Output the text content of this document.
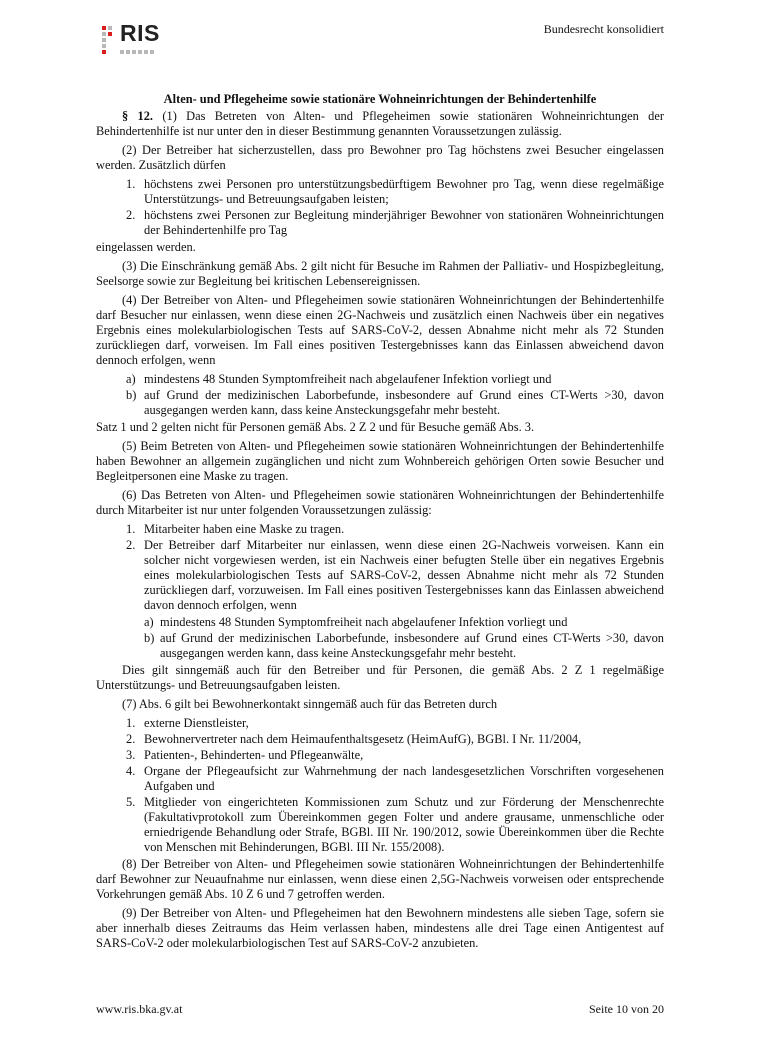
RIS	Bundesrecht konsolidiert
Alten- und Pflegeheime sowie stationäre Wohneinrichtungen der Behindertenhilfe

§ 12. (1) Das Betreten von Alten- und Pflegeheimen sowie stationären Wohneinrichtungen der Behindertenhilfe ist nur unter den in dieser Bestimmung genannten Voraussetzungen zulässig.

(2) Der Betreiber hat sicherzustellen, dass pro Bewohner pro Tag höchstens zwei Besucher eingelassen werden. Zusätzlich dürfen

1. höchstens zwei Personen pro unterstützungsbedürftigem Bewohner pro Tag, wenn diese regelmäßige Unterstützungs- und Betreuungsaufgaben leisten;
2. höchstens zwei Personen zur Begleitung minderjähriger Bewohner von stationären Wohneinrichtungen der Behindertenhilfe pro Tag

eingelassen werden.

(3) Die Einschränkung gemäß Abs. 2 gilt nicht für Besuche im Rahmen der Palliativ- und Hospizbegleitung, Seelsorge sowie zur Begleitung bei kritischen Lebensereignissen.

(4) Der Betreiber von Alten- und Pflegeheimen sowie stationären Wohneinrichtungen der Behindertenhilfe darf Besucher nur einlassen, wenn diese einen 2G-Nachweis und zusätzlich einen Nachweis über ein negatives Ergebnis eines molekularbiologischen Tests auf SARS-CoV-2, dessen Abnahme nicht mehr als 72 Stunden zurückliegen darf, vorweisen. Im Fall eines positiven Testergebnisses kann das Einlassen abweichend davon dennoch erfolgen, wenn

a) mindestens 48 Stunden Symptomfreiheit nach abgelaufener Infektion vorliegt und
b) auf Grund der medizinischen Laborbefunde, insbesondere auf Grund eines CT-Werts >30, davon ausgegangen werden kann, dass keine Ansteckungsgefahr mehr besteht.

Satz 1 und 2 gelten nicht für Personen gemäß Abs. 2 Z 2 und für Besuche gemäß Abs. 3.

(5) Beim Betreten von Alten- und Pflegeheimen sowie stationären Wohneinrichtungen der Behindertenhilfe haben Bewohner an allgemein zugänglichen und nicht zum Wohnbereich gehörigen Orten sowie Besucher und Begleitpersonen eine Maske zu tragen.

(6) Das Betreten von Alten- und Pflegeheimen sowie stationären Wohneinrichtungen der Behindertenhilfe durch Mitarbeiter ist nur unter folgenden Voraussetzungen zulässig:

1. Mitarbeiter haben eine Maske zu tragen.
2. Der Betreiber darf Mitarbeiter nur einlassen, wenn diese einen 2G-Nachweis vorweisen. Kann ein solcher nicht vorgewiesen werden, ist ein Nachweis einer befugten Stelle über ein negatives Ergebnis eines molekularbiologischen Tests auf SARS-CoV-2, dessen Abnahme nicht mehr als 72 Stunden zurückliegen darf, vorzuweisen. Im Fall eines positiven Testergebnisses kann das Einlassen abweichend davon dennoch erfolgen, wenn
a) mindestens 48 Stunden Symptomfreiheit nach abgelaufener Infektion vorliegt und
b) auf Grund der medizinischen Laborbefunde, insbesondere auf Grund eines CT-Werts >30, davon ausgegangen werden kann, dass keine Ansteckungsgefahr mehr besteht.

Dies gilt sinngemäß auch für den Betreiber und für Personen, die gemäß Abs. 2 Z 1 regelmäßige Unterstützungs- und Betreuungsaufgaben leisten.

(7) Abs. 6 gilt bei Bewohnerkontakt sinngemäß auch für das Betreten durch

1. externe Dienstleister,
2. Bewohnervertreter nach dem Heimaufenthaltsgesetz (HeimAufG), BGBl. I Nr. 11/2004,
3. Patienten-, Behinderten- und Pflegeanwälte,
4. Organe der Pflegeaufsicht zur Wahrnehmung der nach landesgesetzlichen Vorschriften vorgesehenen Aufgaben und
5. Mitglieder von eingerichteten Kommissionen zum Schutz und zur Förderung der Menschenrechte (Fakultativprotokoll zum Übereinkommen gegen Folter und andere grausame, unmenschliche oder erniedrigende Behandlung oder Strafe, BGBl. III Nr. 190/2012, sowie Übereinkommen über die Rechte von Menschen mit Behinderungen, BGBl. III Nr. 155/2008).

(8) Der Betreiber von Alten- und Pflegeheimen sowie stationären Wohneinrichtungen der Behindertenhilfe darf Bewohner zur Neuaufnahme nur einlassen, wenn diese einen 2,5G-Nachweis vorweisen oder entsprechende Vorkehrungen gemäß Abs. 10 Z 6 und 7 getroffen werden.

(9) Der Betreiber von Alten- und Pflegeheimen hat den Bewohnern mindestens alle sieben Tage, sofern sie aber innerhalb dieses Zeitraums das Heim verlassen haben, mindestens alle drei Tage einen Antigentest auf SARS-CoV-2 oder molekularbiologischen Test auf SARS-CoV-2 anzubieten.

www.ris.bka.gv.at	Seite 10 von 20
